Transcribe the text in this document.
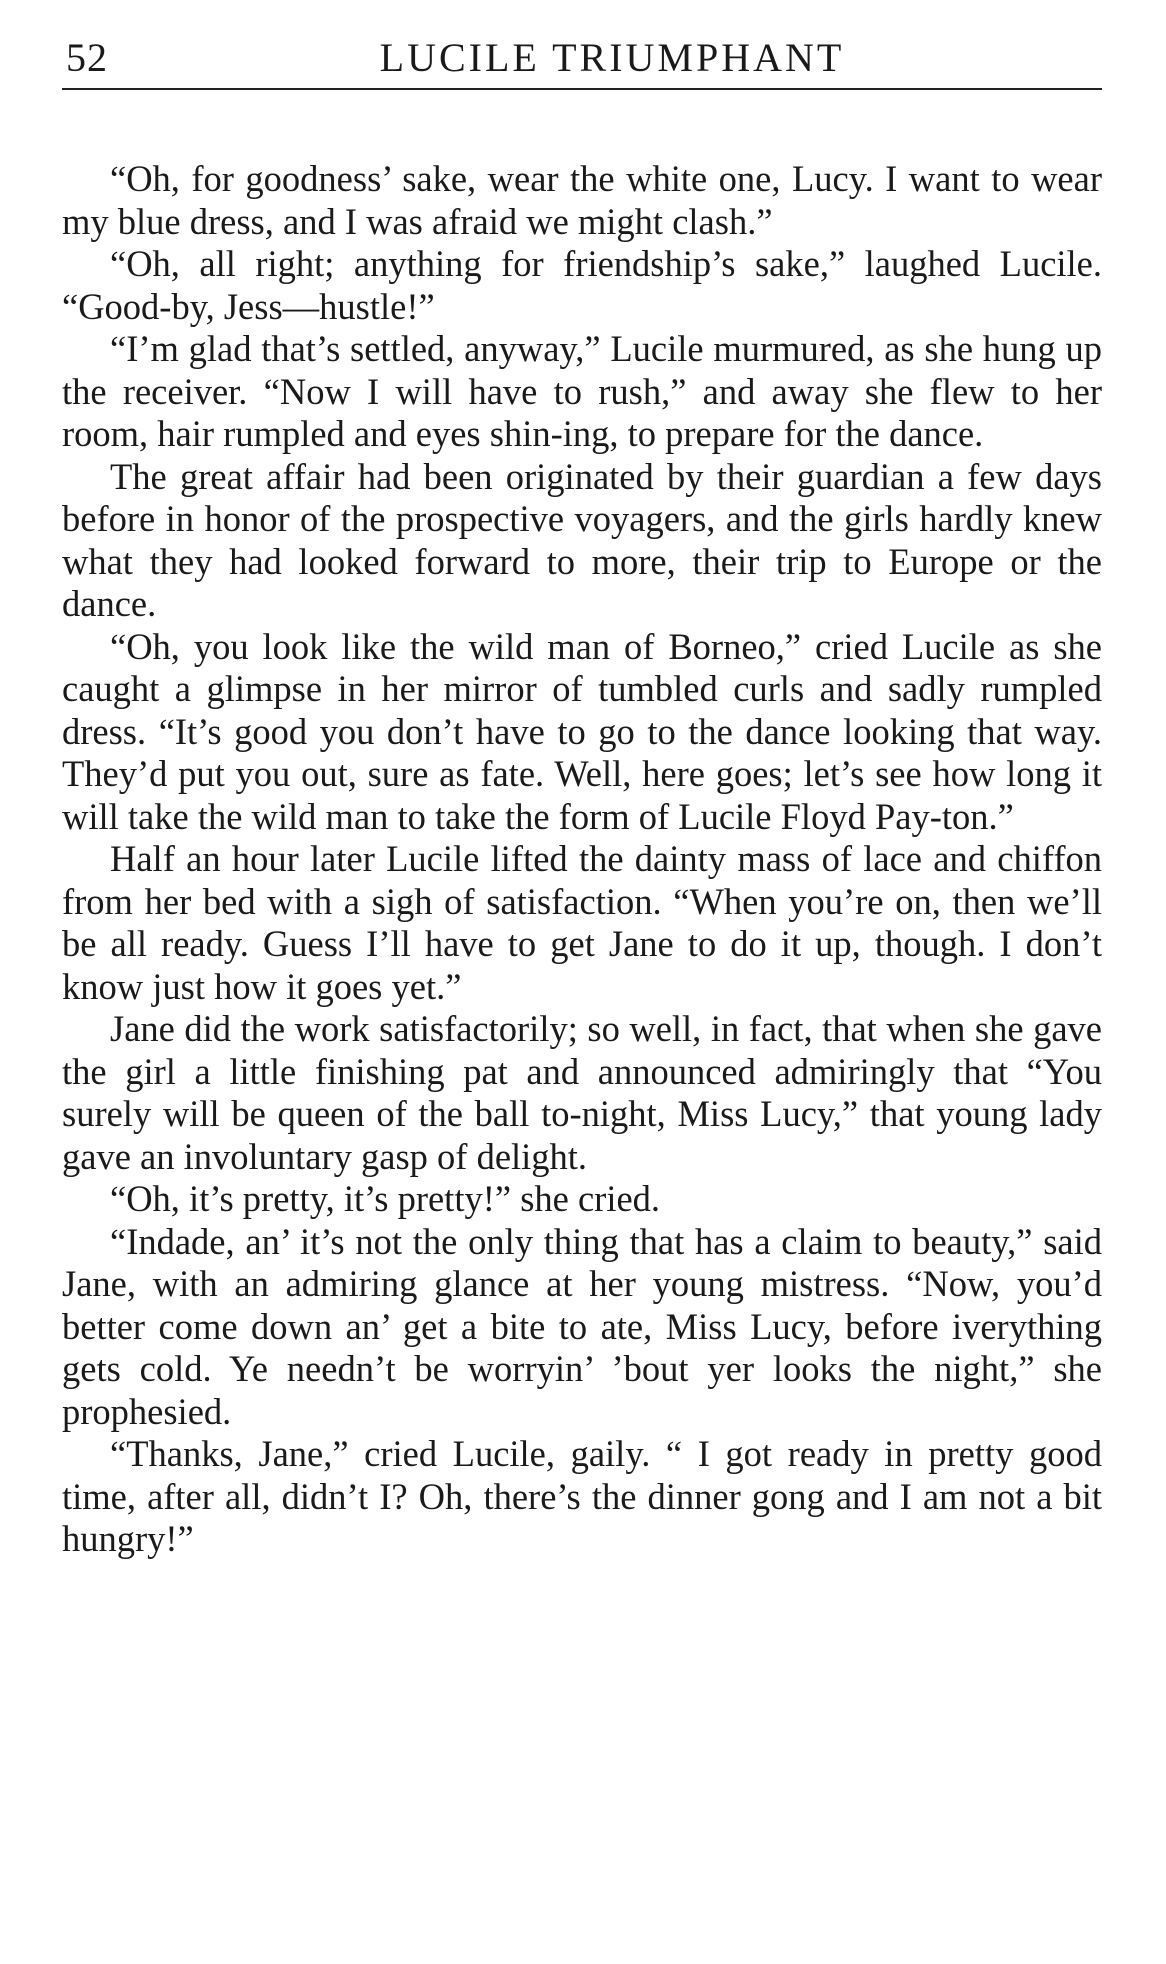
52	LUCILE TRIUMPHANT

“Oh, for goodness’ sake, wear the white one, Lucy. I want to wear my blue dress, and I was afraid we might clash.”

“Oh, all right; anything for friendship’s sake,” laughed Lucile. “Good-by, Jess—hustle!”

“I’m glad that’s settled, anyway,” Lucile murmured, as she hung up the receiver. “Now I will have to rush,” and away she flew to her room, hair rumpled and eyes shin-ing, to prepare for the dance.

The great affair had been originated by their guardian a few days before in honor of the prospective voyagers, and the girls hardly knew what they had looked forward to more, their trip to Europe or the dance.

“Oh, you look like the wild man of Borneo,” cried Lucile as she caught a glimpse in her mirror of tumbled curls and sadly rumpled dress. “It’s good you don’t have to go to the dance looking that way. They’d put you out, sure as fate. Well, here goes; let’s see how long it will take the wild man to take the form of Lucile Floyd Pay-ton.”

Half an hour later Lucile lifted the dainty mass of lace and chiffon from her bed with a sigh of satisfaction. “When you’re on, then we’ll be all ready. Guess I’ll have to get Jane to do it up, though. I don’t know just how it goes yet.”

Jane did the work satisfactorily; so well, in fact, that when she gave the girl a little finishing pat and announced admiringly that “You surely will be queen of the ball to-night, Miss Lucy,” that young lady gave an involuntary gasp of delight.

“Oh, it’s pretty, it’s pretty!” she cried.

“Indade, an’ it’s not the only thing that has a claim to beauty,” said Jane, with an admiring glance at her young mistress. “Now, you’d better come down an’ get a bite to ate, Miss Lucy, before iverything gets cold. Ye needn’t be worryin’ ’bout yer looks the night,” she prophesied.

“Thanks, Jane,” cried Lucile, gaily. “ I got ready in pretty good time, after all, didn’t I? Oh, there’s the dinner gong and I am not a bit hungry!”
